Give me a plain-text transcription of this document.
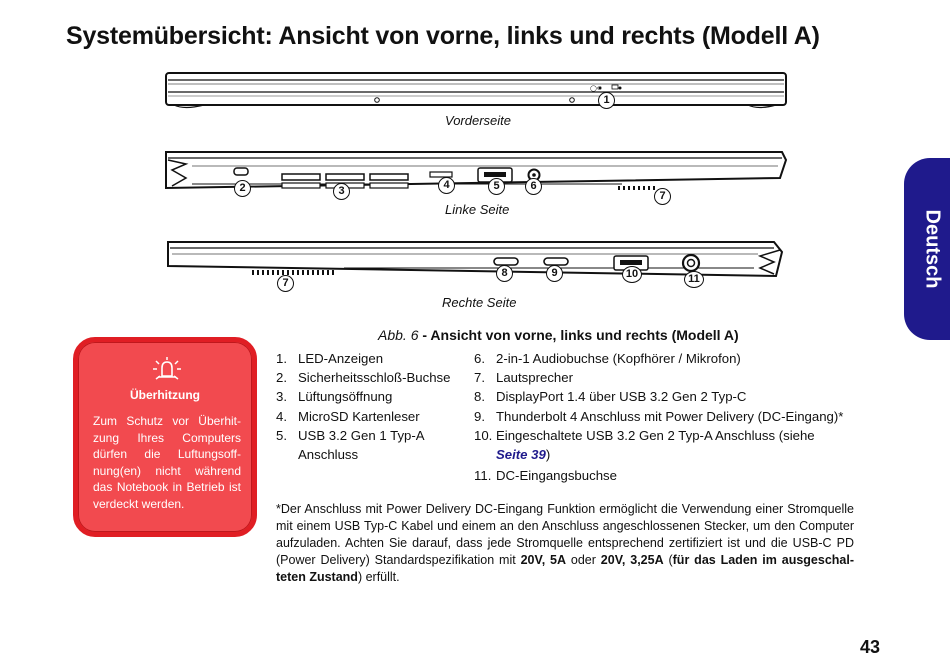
Systemübersicht: Ansicht von vorne, links und rechts (Modell A)
Deutsch
◯⊂
1
Vorderseite
2	3	4	5	6
7
Linke Seite
7
8	9	10	11
Rechte Seite
Abb. 6 - Ansicht von vorne, links und rechts (Modell A)
1. LED-Anzeigen
2. Sicherheitsschloß-Buchse
3. Lüftungsöffnung
4. MicroSD Kartenleser
5. USB 3.2 Gen 1 Typ-A Anschluss
6. 2-in-1 Audiobuchse (Kopfhörer / Mikrofon)
7. Lautsprecher
8. DisplayPort 1.4 über USB 3.2 Gen 2 Typ-C
9. Thunderbolt 4 Anschluss mit Power Delivery (DC-Eingang)*
10. Eingeschaltete USB 3.2 Gen 2 Typ-A Anschluss (siehe Seite 39)
11. DC-Eingangsbuchse
Überhitzung
Zum Schutz vor Überhit-zung Ihres Computers dürfen die Luftungsoff-nung(en) nicht während das Notebook in Betrieb ist verdeckt werden.	*Der Anschluss mit Power Delivery DC-Eingang Funktion ermöglicht die Verwendung einer Stromquelle mit einem USB Typ-C Kabel und einem an den Anschluss angeschlossenen Stecker, um den Computer aufzuladen. Achten Sie darauf, dass jede Stromquelle entsprechend zertifiziert ist und die USB-C PD (Power Delivery) Standardspezifikation mit 20V, 5A oder 20V, 3,25A (für das Laden im ausgeschal-teten Zustand) erfüllt.
43
